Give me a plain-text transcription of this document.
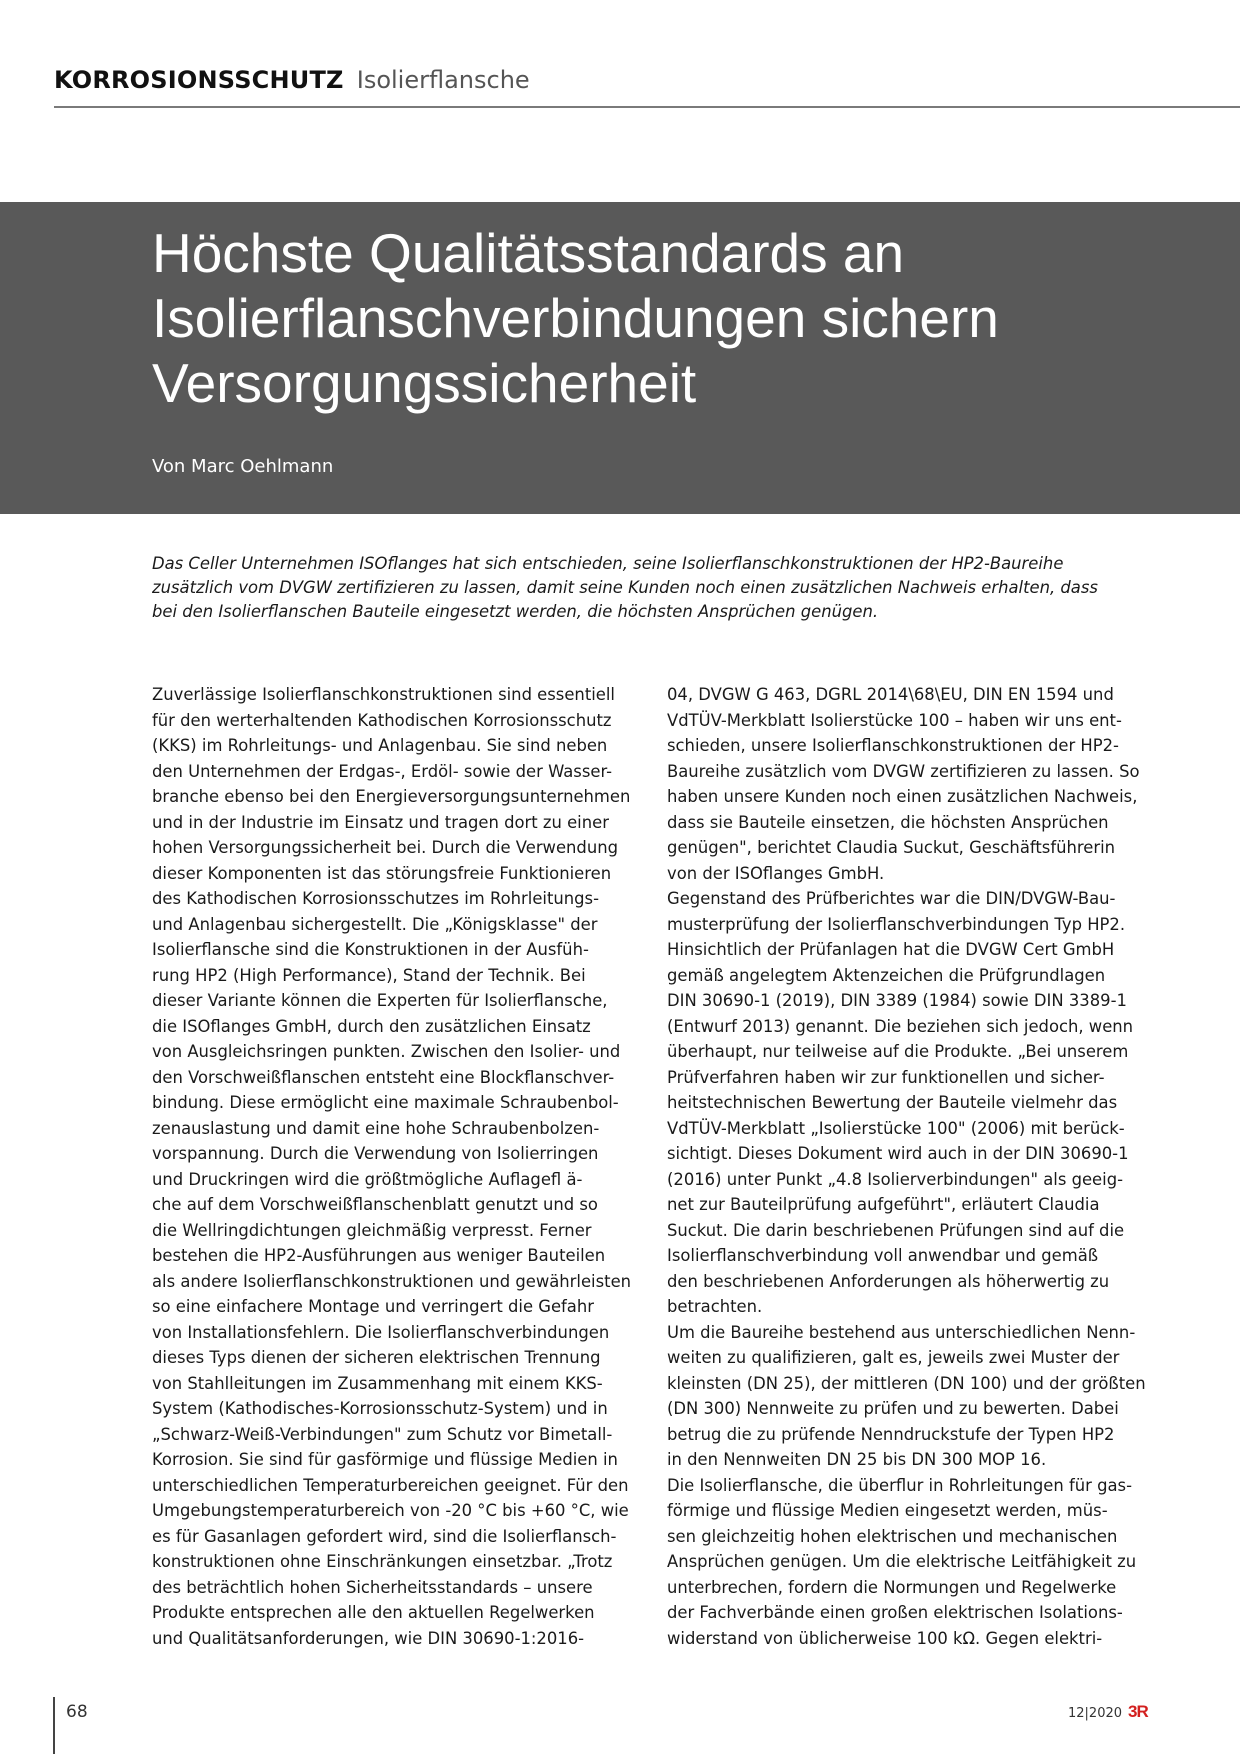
KORROSIONSSCHUTZ Isolierflansche
Höchste Qualitätsstandards an
Isolierflanschverbindungen sichern
Versorgungssicherheit
Von Marc Oehlmann
Das Celler Unternehmen ISOflanges hat sich entschieden, seine Isolierflanschkonstruktionen der HP2-Baureihe
zusätzlich vom DVGW zertifizieren zu lassen, damit seine Kunden noch einen zusätzlichen Nachweis erhalten, dass
bei den Isolierflanschen Bauteile eingesetzt werden, die höchsten Ansprüchen genügen.
Zuverlässige Isolierflanschkonstruktionen sind essentiell
für den werterhaltenden Kathodischen Korrosionsschutz
(KKS) im Rohrleitungs- und Anlagenbau. Sie sind neben
den Unternehmen der Erdgas-, Erdöl- sowie der Wasser-
branche ebenso bei den Energieversorgungsunternehmen
und in der Industrie im Einsatz und tragen dort zu einer
hohen Versorgungssicherheit bei. Durch die Verwendung
dieser Komponenten ist das störungsfreie Funktionieren
des Kathodischen Korrosionsschutzes im Rohrleitungs-
und Anlagenbau sichergestellt. Die „Königsklasse" der
Isolierflansche sind die Konstruktionen in der Ausfüh-
rung HP2 (High Performance), Stand der Technik. Bei
dieser Variante können die Experten für Isolierflansche,
die ISOflanges GmbH, durch den zusätzlichen Einsatz
von Ausgleichsringen punkten. Zwischen den Isolier- und
den Vorschweißflanschen entsteht eine Blockflanschver-
bindung. Diese ermöglicht eine maximale Schraubenbol-
zenauslastung und damit eine hohe Schraubenbolzen-
vorspannung. Durch die Verwendung von Isolierringen
und Druckringen wird die größtmögliche Auflagefl ä-
che auf dem Vorschweißflanschenblatt genutzt und so
die Wellringdichtungen gleichmäßig verpresst. Ferner
bestehen die HP2-Ausführungen aus weniger Bauteilen
als andere Isolierflanschkonstruktionen und gewährleisten
so eine einfachere Montage und verringert die Gefahr
von Installationsfehlern. Die Isolierflanschverbindungen
dieses Typs dienen der sicheren elektrischen Trennung
von Stahlleitungen im Zusammenhang mit einem KKS-
System (Kathodisches-Korrosionsschutz-System) und in
„Schwarz-Weiß-Verbindungen" zum Schutz vor Bimetall-
Korrosion. Sie sind für gasförmige und flüssige Medien in
unterschiedlichen Temperaturbereichen geeignet. Für den
Umgebungstemperaturbereich von -20 °C bis +60 °C, wie
es für Gasanlagen gefordert wird, sind die Isolierflansch-
konstruktionen ohne Einschränkungen einsetzbar. „Trotz
des beträchtlich hohen Sicherheitsstandards – unsere
Produkte entsprechen alle den aktuellen Regelwerken
und Qualitätsanforderungen, wie DIN 30690-1:2016-
04, DVGW G 463, DGRL 2014\68\EU, DIN EN 1594 und
VdTÜV-Merkblatt Isolierstücke 100 – haben wir uns ent-
schieden, unsere Isolierflanschkonstruktionen der HP2-
Baureihe zusätzlich vom DVGW zertifizieren zu lassen. So
haben unsere Kunden noch einen zusätzlichen Nachweis,
dass sie Bauteile einsetzen, die höchsten Ansprüchen
genügen", berichtet Claudia Suckut, Geschäftsführerin
von der ISOflanges GmbH.
Gegenstand des Prüfberichtes war die DIN/DVGW-Bau-
musterprüfung der Isolierflanschverbindungen Typ HP2.
Hinsichtlich der Prüfanlagen hat die DVGW Cert GmbH
gemäß angelegtem Aktenzeichen die Prüfgrundlagen
DIN 30690-1 (2019), DIN 3389 (1984) sowie DIN 3389-1
(Entwurf 2013) genannt. Die beziehen sich jedoch, wenn
überhaupt, nur teilweise auf die Produkte. „Bei unserem
Prüfverfahren haben wir zur funktionellen und sicher-
heitstechnischen Bewertung der Bauteile vielmehr das
VdTÜV-Merkblatt „Isolierstücke 100" (2006) mit berück-
sichtigt. Dieses Dokument wird auch in der DIN 30690-1
(2016) unter Punkt „4.8 Isolierverbindungen" als geeig-
net zur Bauteilprüfung aufgeführt", erläutert Claudia
Suckut. Die darin beschriebenen Prüfungen sind auf die
Isolierflanschverbindung voll anwendbar und gemäß
den beschriebenen Anforderungen als höherwertig zu
betrachten.
Um die Baureihe bestehend aus unterschiedlichen Nenn-
weiten zu qualifizieren, galt es, jeweils zwei Muster der
kleinsten (DN 25), der mittleren (DN 100) und der größten
(DN 300) Nennweite zu prüfen und zu bewerten. Dabei
betrug die zu prüfende Nenndruckstufe der Typen HP2
in den Nennweiten DN 25 bis DN 300 MOP 16.
Die Isolierflansche, die überflur in Rohrleitungen für gas-
förmige und flüssige Medien eingesetzt werden, müs-
sen gleichzeitig hohen elektrischen und mechanischen
Ansprüchen genügen. Um die elektrische Leitfähigkeit zu
unterbrechen, fordern die Normungen und Regelwerke
der Fachverbände einen großen elektrischen Isolations-
widerstand von üblicherweise 100 kΩ. Gegen elektri-
68	12|2020 3R
